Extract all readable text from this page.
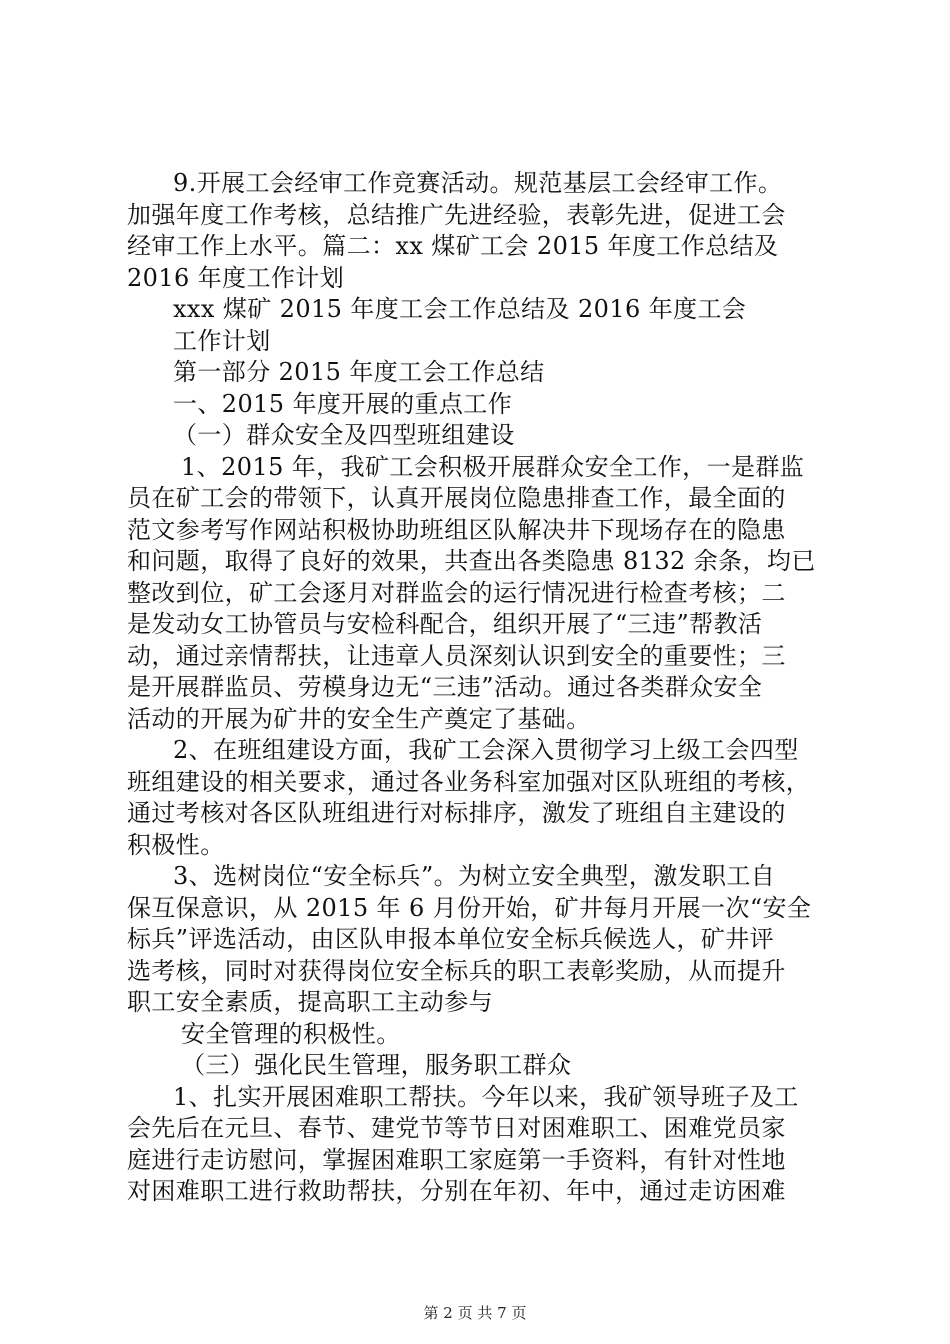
9.开展工会经审工作竞赛活动。规范基层工会经审工作。
加强年度工作考核，总结推广先进经验，表彰先进，促进工会
经审工作上水平。篇二：xx 煤矿工会 2015 年度工作总结及
2016 年度工作计划
xxx 煤矿 2015 年度工会工作总结及 2016 年度工会
工作计划
第一部分 2015 年度工会工作总结
一、2015 年度开展的重点工作
（一）群众安全及四型班组建设
1、2015 年，我矿工会积极开展群众安全工作，一是群监
员在矿工会的带领下，认真开展岗位隐患排查工作，最全面的
范文参考写作网站积极协助班组区队解决井下现场存在的隐患
和问题，取得了良好的效果，共查出各类隐患 8132 余条，均已
整改到位，矿工会逐月对群监会的运行情况进行检查考核；二
是发动女工协管员与安检科配合，组织开展了“三违”帮教活
动，通过亲情帮扶，让违章人员深刻认识到安全的重要性；三
是开展群监员、劳模身边无“三违”活动。通过各类群众安全
活动的开展为矿井的安全生产奠定了基础。
2、在班组建设方面，我矿工会深入贯彻学习上级工会四型
班组建设的相关要求，通过各业务科室加强对区队班组的考核，
通过考核对各区队班组进行对标排序，激发了班组自主建设的
积极性。
3、选树岗位“安全标兵”。为树立安全典型，激发职工自
保互保意识，从 2015 年 6 月份开始，矿井每月开展一次“安全
标兵”评选活动，由区队申报本单位安全标兵候选人，矿井评
选考核，同时对获得岗位安全标兵的职工表彰奖励，从而提升
职工安全素质，提高职工主动参与
安全管理的积极性。
（三）强化民生管理，服务职工群众
1、扎实开展困难职工帮扶。今年以来，我矿领导班子及工
会先后在元旦、春节、建党节等节日对困难职工、困难党员家
庭进行走访慰问，掌握困难职工家庭第一手资料，有针对性地
对困难职工进行救助帮扶，分别在年初、年中，通过走访困难
第 2 页 共 7 页
